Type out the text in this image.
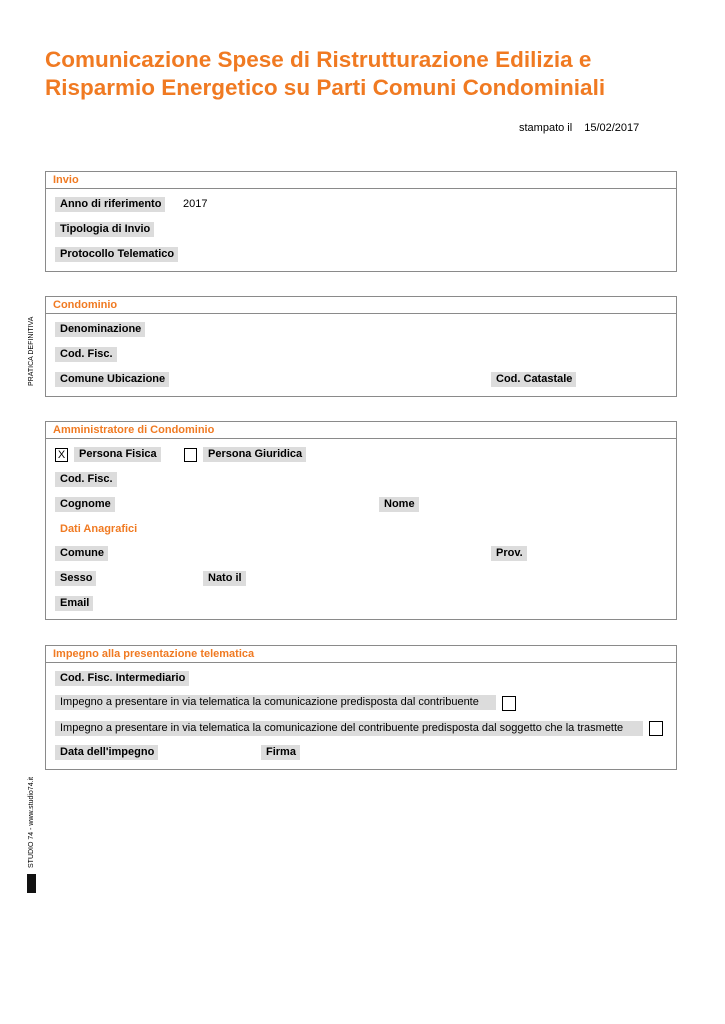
Comunicazione Spese di Ristrutturazione Edilizia e
Risparmio Energetico su Parti Comuni Condominiali
stampato il 15/02/2017
PRATICA DEFINITIVA
STUDIO 74 - www.studio74.it
Invio
Anno di riferimento	2017
Tipologia di Invio
Protocollo Telematico
Condominio
Denominazione
Cod. Fisc.
Comune Ubicazione	Cod. Catastale
Amministratore di Condominio
X	Persona Fisica	Persona Giuridica
Cod. Fisc.
Cognome	Nome
Dati Anagrafici
Comune	Prov.
Sesso	Nato il
Email
Impegno alla presentazione telematica
Cod. Fisc. Intermediario
Impegno a presentare in via telematica la comunicazione predisposta dal contribuente
Impegno a presentare in via telematica la comunicazione del contribuente predisposta dal soggetto che la trasmette
Data dell'impegno	Firma
